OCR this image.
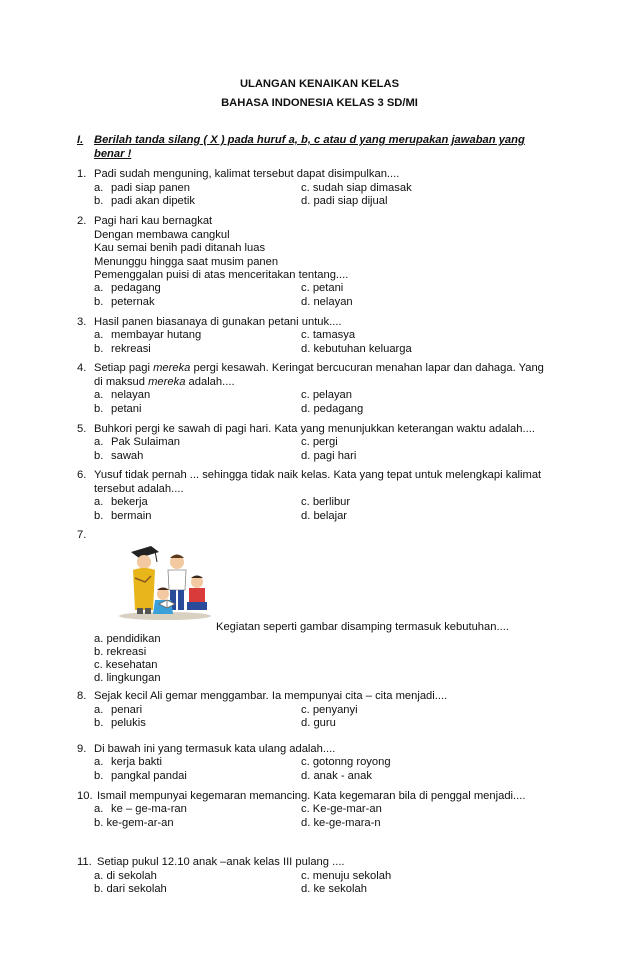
ULANGAN KENAIKAN KELAS
BAHASA INDONESIA KELAS 3 SD/MI
I. Berilah tanda silang ( X ) pada huruf a, b, c atau d yang merupakan jawaban yang
benar !
1. Padi sudah menguning, kalimat tersebut dapat disimpulkan....
a. padi siap panen	c. sudah siap dimasak
b. padi akan dipetik	d. padi siap dijual
2. Pagi hari kau bernagkat
Dengan membawa cangkul
Kau semai benih padi ditanah luas
Menunggu hingga saat musim panen
Pemenggalan puisi di atas menceritakan tentang....
a. pedagang	c. petani
b. peternak	d. nelayan
3. Hasil panen biasanaya di gunakan petani untuk....
a. membayar hutang	c. tamasya
b. rekreasi	d. kebutuhan keluarga
4. Setiap pagi mereka pergi kesawah. Keringat bercucuran menahan lapar dan dahaga. Yang
di maksud mereka adalah....
a. nelayan	c. pelayan
b. petani	d. pedagang
5. Buhkori pergi ke sawah di pagi hari. Kata yang menunjukkan keterangan waktu adalah....
a. Pak Sulaiman	c. pergi
b. sawah	d. pagi hari
6. Yusuf tidak pernah ... sehingga tidak naik kelas. Kata yang tepat untuk melengkapi kalimat
tersebut adalah....
a. bekerja	c. berlibur
b. bermain	d. belajar
7.
Kegiatan seperti gambar disamping termasuk kebutuhan....
a. pendidikan
b. rekreasi
c. kesehatan
d. lingkungan
8. Sejak kecil Ali gemar menggambar. Ia mempunyai cita – cita menjadi....
a. penari	c. penyanyi
b. pelukis	d. guru
9. Di bawah ini yang termasuk kata ulang adalah....
a. kerja bakti	c. gotonng royong
b. pangkal pandai	d. anak - anak
10. Ismail mempunyai kegemaran memancing. Kata kegemaran bila di penggal menjadi....
a. ke – ge-ma-ran	c. Ke-ge-mar-an
b. ke-gem-ar-an	d. ke-ge-mara-n
11. Setiap pukul 12.10 anak –anak kelas III pulang ....
a. di sekolah	c. menuju sekolah
b. dari sekolah	d. ke sekolah
